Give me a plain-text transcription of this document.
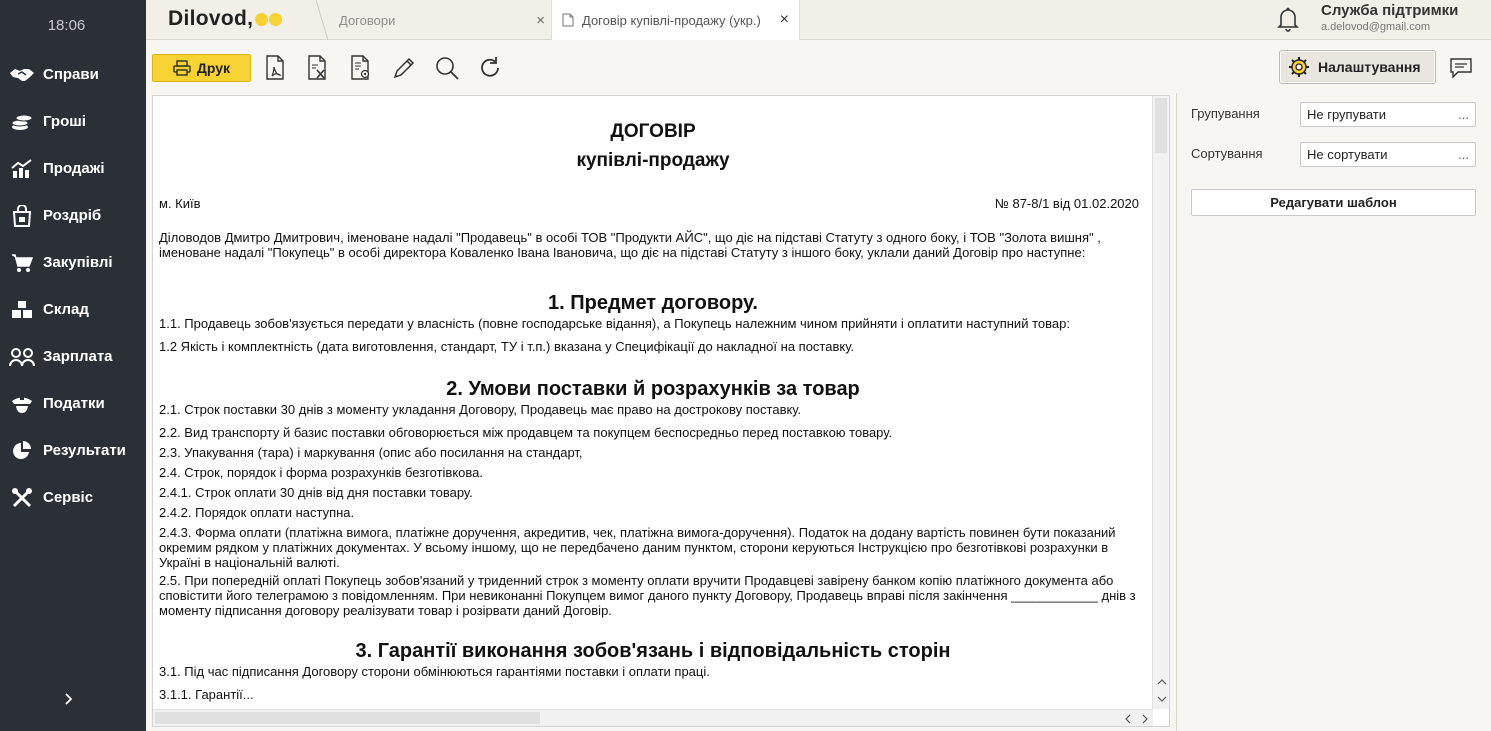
18:06
Справи
Гроші
Продажі
Роздріб
Закупівлі
Склад
Зарплата
Податки
Результати
Сервіс
Dilovod,	Договори	×	Договір купівлі-продажу (укр.) ×
Служба підтримки
a.delovod@gmail.com
Друк	Налаштування
ДОГОВІР
купівлі-продажу
м. Київ	№ 87-8/1 від 01.02.2020

Діловодов Дмитро Дмитрович, іменоване надалі "Продавець" в особі ТОВ "Продукти АЙС", що діє на підставі Статуту з одного боку, і ТОВ "Золота вишня" , іменоване надалі "Покупець" в особі директора Коваленко Івана Івановича, що діє на підставі Статуту з іншого боку, уклали даний Договір про наступне:

1. Предмет договору.

1.1. Продавець зобов'язується передати у власність (повне господарське відання), а Покупець належним чином прийняти і оплатити наступний товар:

1.2 Якість і комплектність (дата виготовлення, стандарт, ТУ і т.п.) вказана у Специфікації до накладної на поставку.

2. Умови поставки й розрахунків за товар

2.1. Строк поставки 30 днів з моменту укладання Договору, Продавець має право на дострокову поставку.

2.2. Вид транспорту й базис поставки обговорюється між продавцем та покупцем беспосредньо перед поставкою товару.

2.3. Упакування (тара) і маркування (опис або посилання на стандарт,

2.4. Строк, порядок і форма розрахунків безготівкова.

2.4.1. Строк оплати 30 днів від дня поставки товару.

2.4.2. Порядок оплати наступна.

2.4.3. Форма оплати (платіжна вимога, платіжне доручення, акредитив, чек, платіжна вимога-доручення). Податок на додану вартість повинен бути показаний окремим рядком у платіжних документах. У всьому іншому, що не передбачено даним пунктом, сторони керуються Інструкцією про безготівкові розрахунки в Україні в національній валюті.

2.5. При попередній оплаті Покупець зобов'язаний у триденний строк з моменту оплати вручити Продавцеві завірену банком копію платіжного документа або сповістити його телеграмою з повідомленням. При невиконанні Покупцем вимог даного пункту Договору, Продавець вправі після закінчення ____________ днів з моменту підписання договору реалізувати товар і розірвати даний Договір.

3. Гарантії виконання зобов'язань і відповідальність сторін

3.1. Під час підписання Договору сторони обмінюються гарантіями поставки і оплати праці.

3.1.1. Гарантії...

Групування	Не групувати	...
Сортування	Не сортувати	...
Редагувати шаблон
